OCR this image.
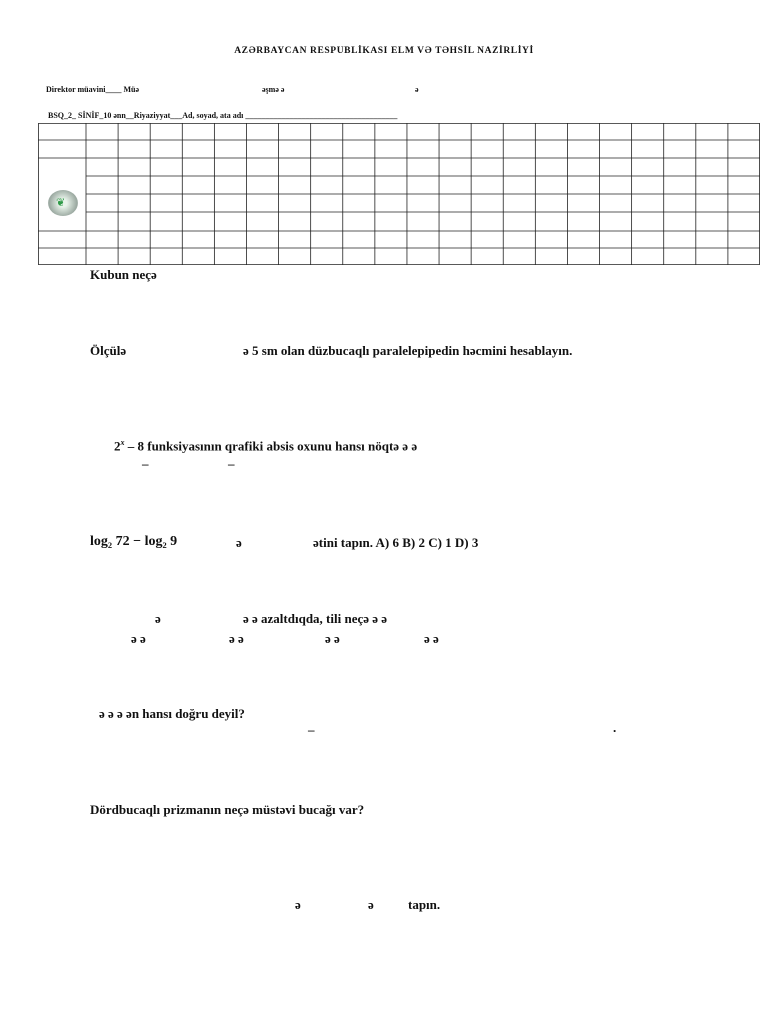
AZƏRBAYCAN RESPUBLİKASI ELM VƏ TƏHSİL NAZİRLİYİ
Direktor müavini____ Müə	əşmə ə	ə
BSQ_2_ SİNİF_10 ənn__Riyaziyyat___Ad, soyad, ata adı ______________________________________
❦
Kubun neçə
Ölçülə	ə 5 sm olan düzbucaqlı paralelepipedin həcmini hesablayın.
2$^x$ – 8 funksiyasının qrafiki absis oxunu hansı nöqtə ə ə
–	–
log₂ 72 − log₂ 9	ə	ətini tapın. A) 6 B) 2 C) 1 D) 3
ə	ə ə azaltdıqda, tili neçə ə ə
ə ə	ə ə	ə ə	ə ə
ə ə ə ən hansı doğru deyil?
–	.
Dördbucaqlı prizmanın neçə müstəvi bucağı var?
ə	ə	tapın.
